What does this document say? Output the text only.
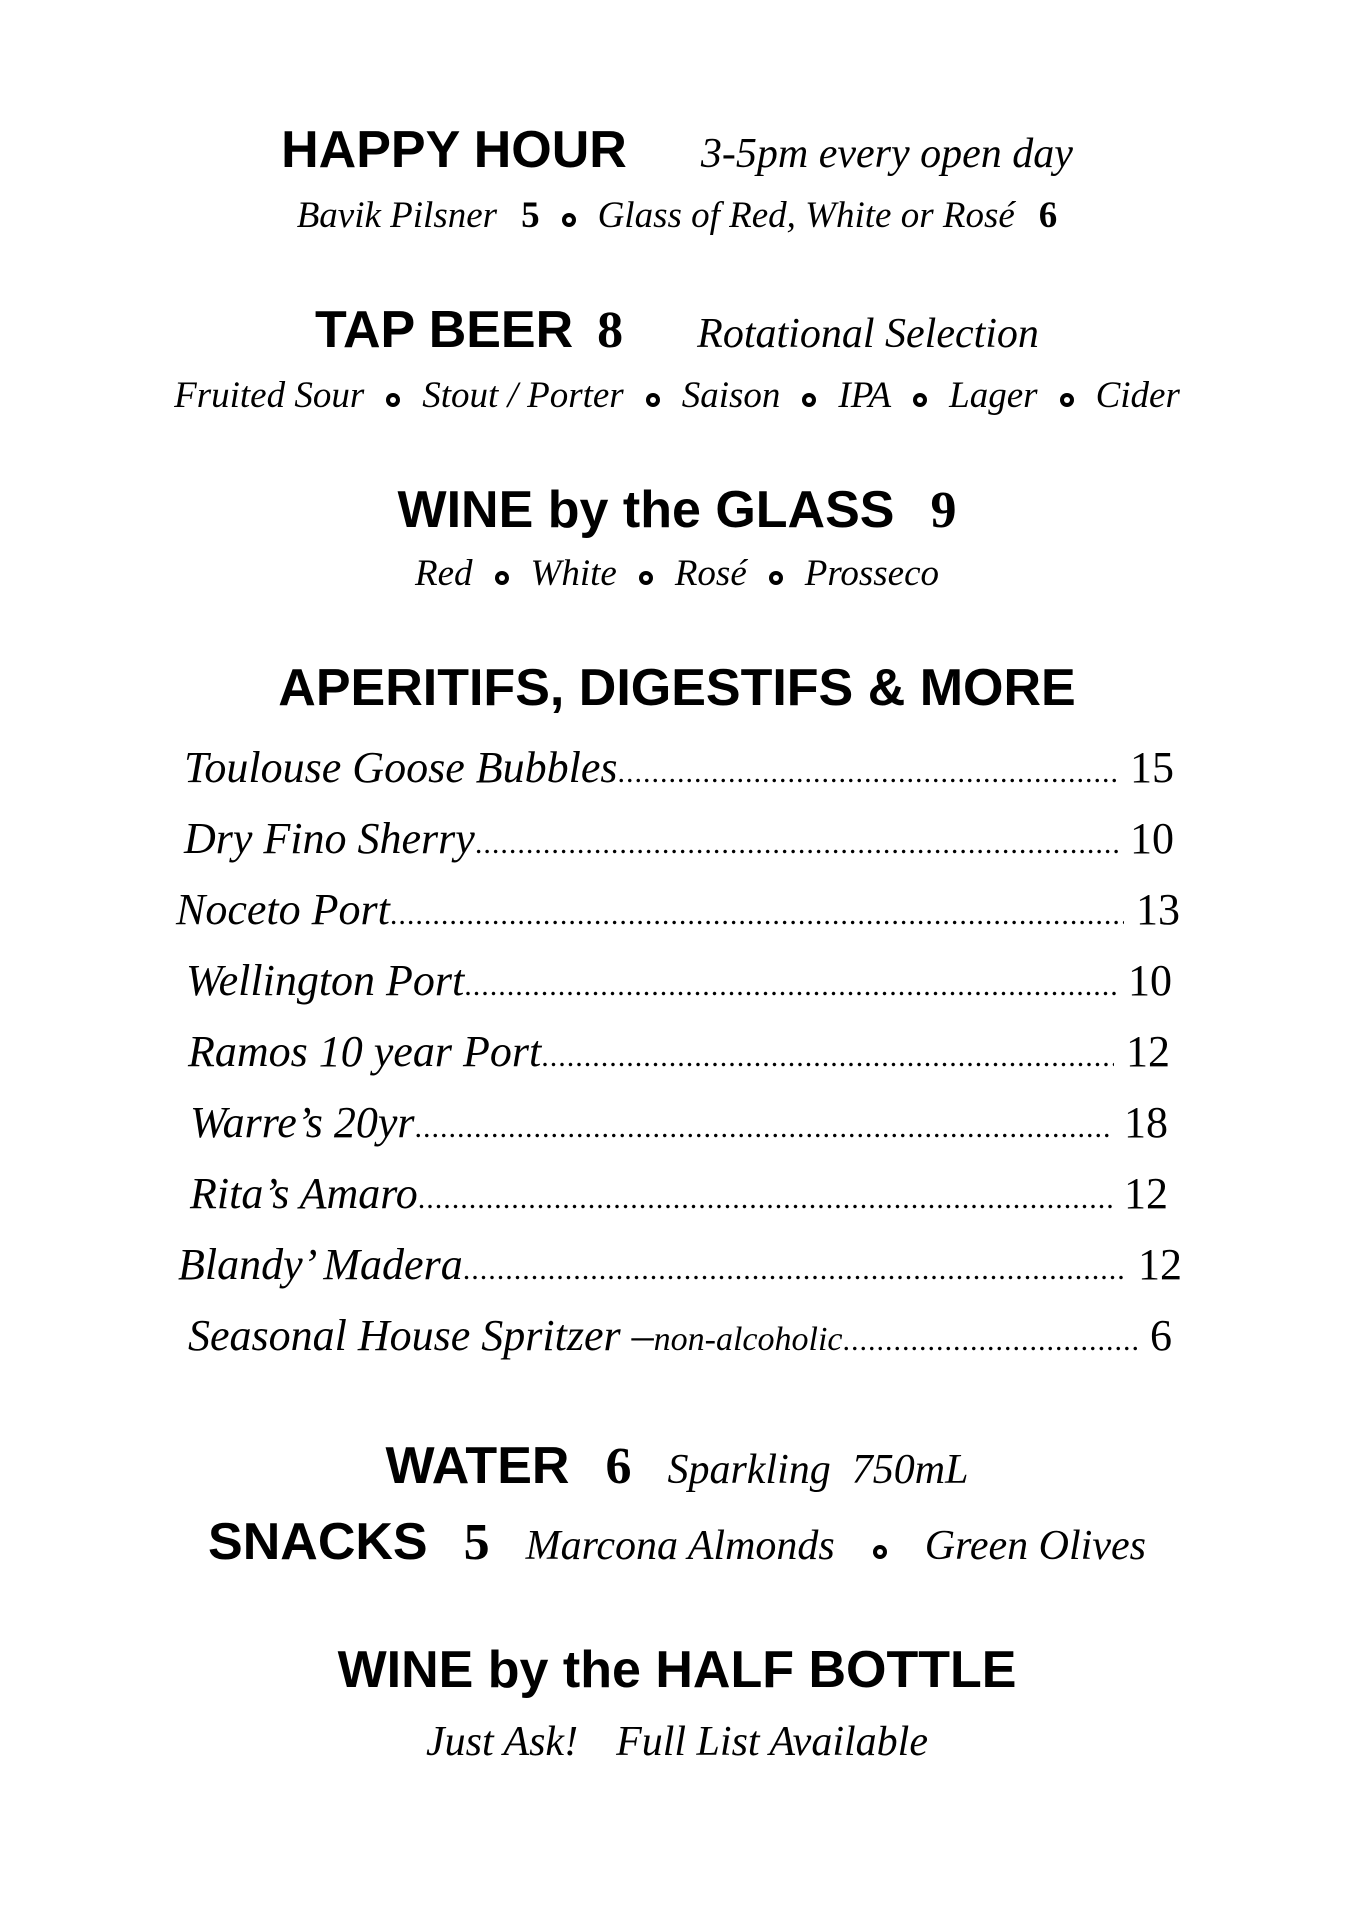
HAPPY HOUR 3-5pm every open day
Bavik Pilsner 5 Glass of Red, White or Rosé 6
TAP BEER 8 Rotational Selection
Fruited Sour Stout / Porter Saison IPA Lager Cider
WINE by the GLASS 9
Red White Rosé Prosseco
APERITIFS, DIGESTIFS & MORE
Toulouse Goose Bubbles .....	15
Dry Fino Sherry .....	10
Noceto Port .....	13
Wellington Port .....	10
Ramos 10 year Port .....	12
Warre’s 20yr .....	18
Rita’s Amaro .....	12
Blandy’ Madera .....	12
Seasonal House Spritzer – non-alcoholic .....	6
WATER 6 Sparkling  750mL
SNACKS 5 Marcona Almonds Green Olives
WINE by the HALF BOTTLE
Just Ask! Full List Available
